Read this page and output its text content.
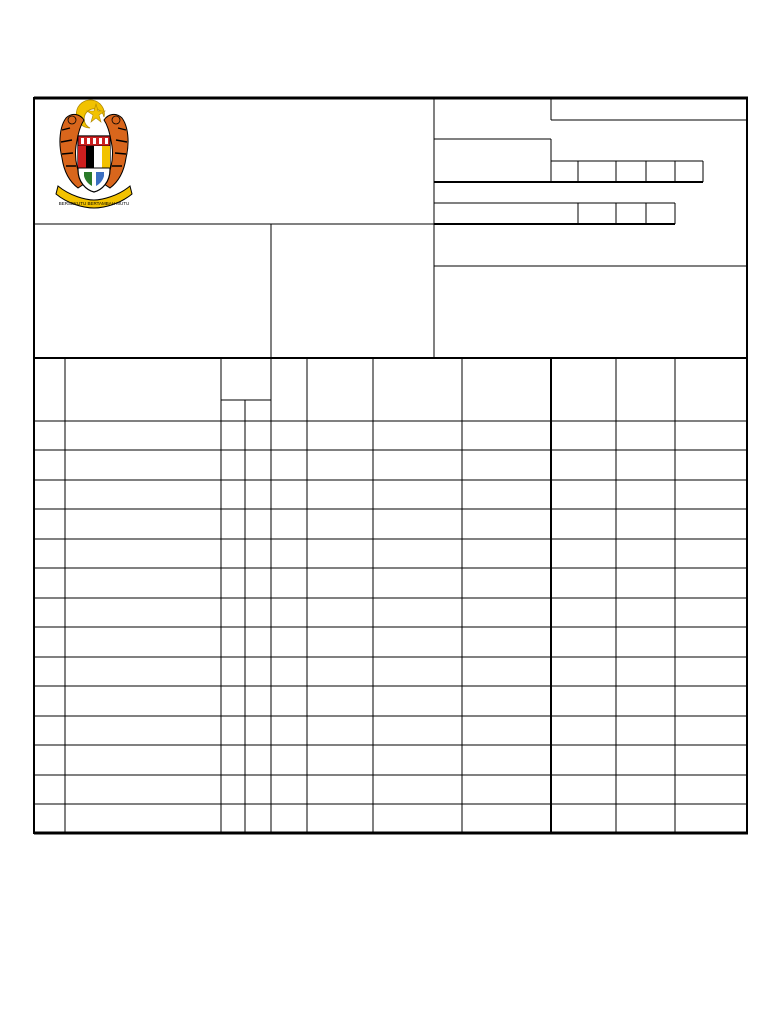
BERSEKUTU BERTAMBAH MUTU
